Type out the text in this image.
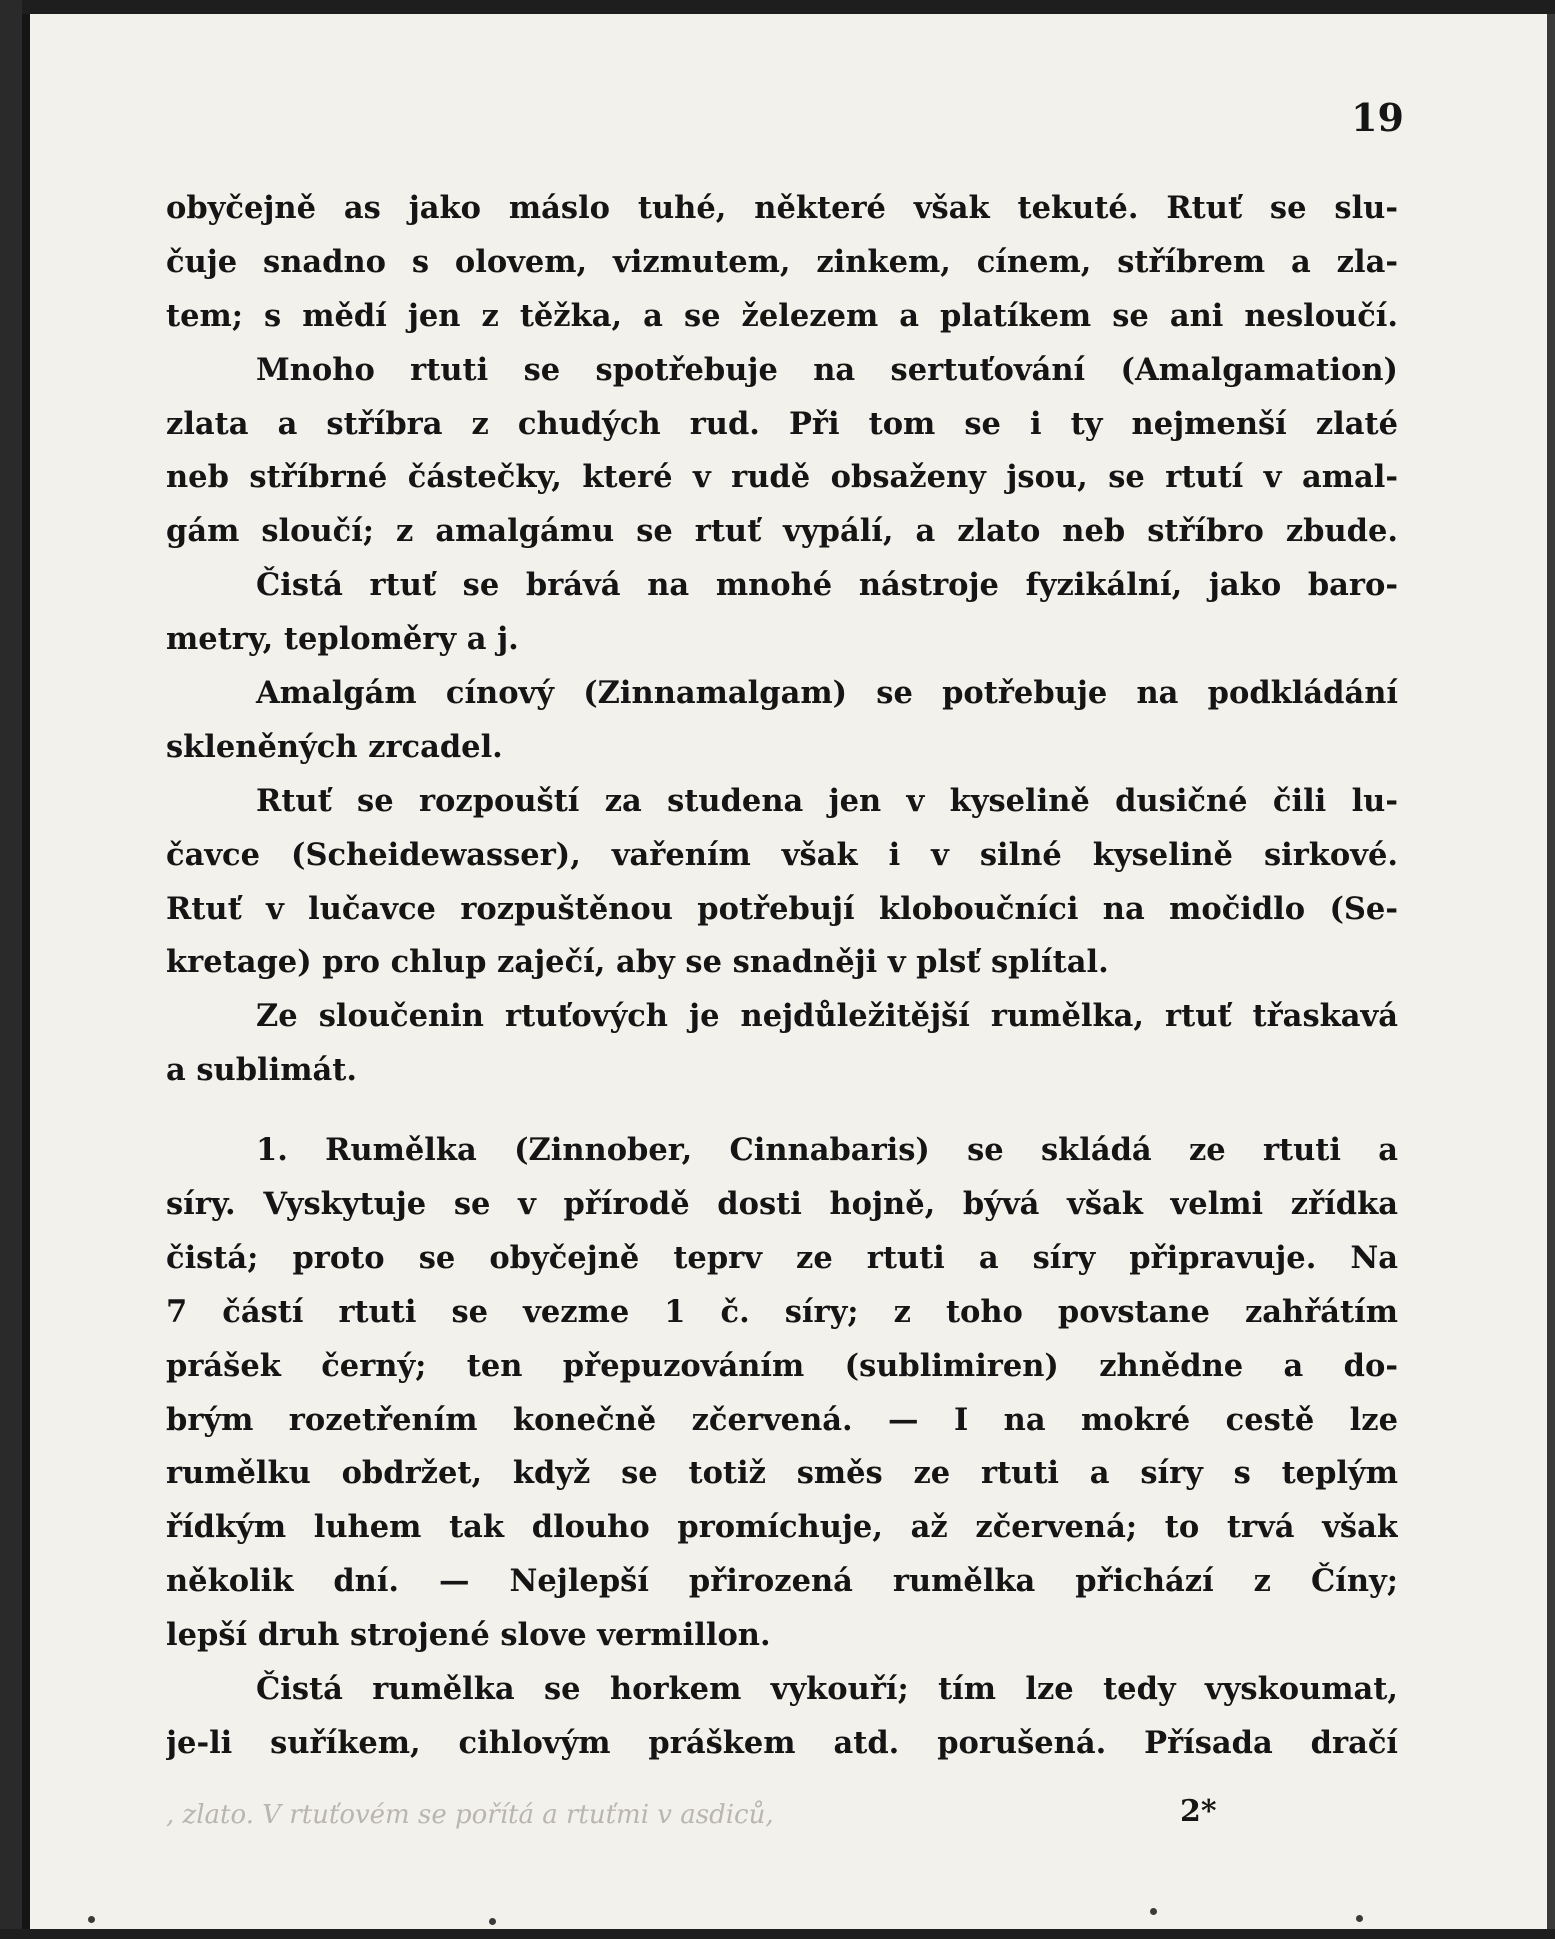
19
obyčejně as jako máslo tuhé, některé však tekuté. Rtuť se slu-
čuje snadno s olovem, vizmutem, zinkem, cínem, stříbrem a zla-
tem; s mědí jen z těžka, a se železem a platíkem se ani nesloučí.
Mnoho rtuti se spotřebuje na sertuťování (Amalgamation)
zlata a stříbra z chudých rud. Při tom se i ty nejmenší zlaté
neb stříbrné částečky, které v rudě obsaženy jsou, se rtutí v amal-
gám sloučí; z amalgámu se rtuť vypálí, a zlato neb stříbro zbude.
Čistá rtuť se brává na mnohé nástroje fyzikální, jako baro-
metry, teploměry a j.
Amalgám cínový (Zinnamalgam) se potřebuje na podkládání
skleněných zrcadel.
Rtuť se rozpouští za studena jen v kyselině dusičné čili lu-
čavce (Scheidewasser), vařením však i v silné kyselině sirkové.
Rtuť v lučavce rozpuštěnou potřebují kloboučníci na močidlo (Se-
kretage) pro chlup zaječí, aby se snadněji v plsť splítal.
Ze sloučenin rtuťových je nejdůležitější rumělka, rtuť třaskavá
a sublimát.
1. Rumělka (Zinnober, Cinnabaris) se skládá ze rtuti a
síry. Vyskytuje se v přírodě dosti hojně, bývá však velmi zřídka
čistá; proto se obyčejně teprv ze rtuti a síry připravuje. Na
7 částí rtuti se vezme 1 č. síry; z toho povstane zahřátím
prášek černý; ten přepuzováním (sublimiren) zhnědne a do-
brým rozetřením konečně zčervená. — I na mokré cestě lze
rumělku obdržet, když se totiž směs ze rtuti a síry s teplým
řídkým luhem tak dlouho promíchuje, až zčervená; to trvá však
několik dní. — Nejlepší přirozená rumělka přichází z Číny;
lepší druh strojené slove vermillon.
Čistá rumělka se horkem vykouří; tím lze tedy vyskoumat,
je-li suříkem, cihlovým práškem atd. porušená. Přísada dračí
, zlato. V rtuťovém se pořítá a rtuťmi v asdiců,	2*
